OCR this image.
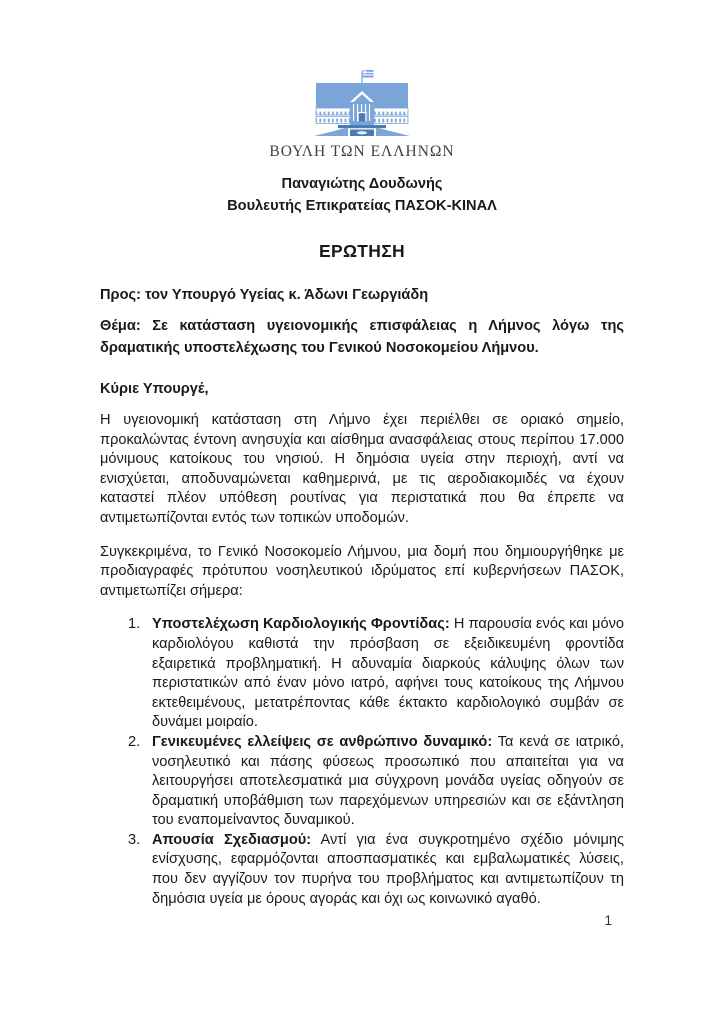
ΒΟΥΛΗ ΤΩΝ ΕΛΛΗΝΩΝ
Παναγιώτης Δουδωνής
Βουλευτής Επικρατείας ΠΑΣΟΚ-ΚΙΝΑΛ
ΕΡΩΤΗΣΗ

Προς: τον Υπουργό Υγείας κ. Άδωνι Γεωργιάδη

Θέμα: Σε κατάσταση υγειονομικής επισφάλειας η Λήμνος λόγω της δραματικής υποστελέχωσης του Γενικού Νοσοκομείου Λήμνου.

Κύριε Υπουργέ,

Η υγειονομική κατάσταση στη Λήμνο έχει περιέλθει σε οριακό σημείο, προκαλώντας έντονη ανησυχία και αίσθημα ανασφάλειας στους περίπου 17.000 μόνιμους κατοίκους του νησιού. Η δημόσια υγεία στην περιοχή, αντί να ενισχύεται, αποδυναμώνεται καθημερινά, με τις αεροδιακομιδές να έχουν καταστεί πλέον υπόθεση ρουτίνας για περιστατικά που θα έπρεπε να αντιμετωπίζονται εντός των τοπικών υποδομών.

Συγκεκριμένα, το Γενικό Νοσοκομείο Λήμνου, μια δομή που δημιουργήθηκε με προδιαγραφές πρότυπου νοσηλευτικού ιδρύματος επί κυβερνήσεων ΠΑΣΟΚ, αντιμετωπίζει σήμερα:

1. Υποστελέχωση Καρδιολογικής Φροντίδας: Η παρουσία ενός και μόνο καρδιολόγου καθιστά την πρόσβαση σε εξειδικευμένη φροντίδα εξαιρετικά προβληματική. Η αδυναμία διαρκούς κάλυψης όλων των περιστατικών από έναν μόνο ιατρό, αφήνει τους κατοίκους της Λήμνου εκτεθειμένους, μετατρέποντας κάθε έκτακτο καρδιολογικό συμβάν σε δυνάμει μοιραίο.
2. Γενικευμένες ελλείψεις σε ανθρώπινο δυναμικό: Τα κενά σε ιατρικό, νοσηλευτικό και πάσης φύσεως προσωπικό που απαιτείται για να λειτουργήσει αποτελεσματικά μια σύγχρονη μονάδα υγείας οδηγούν σε δραματική υποβάθμιση των παρεχόμενων υπηρεσιών και σε εξάντληση του εναπομείναντος δυναμικού.
3. Απουσία Σχεδιασμού: Αντί για ένα συγκροτημένο σχέδιο μόνιμης ενίσχυσης, εφαρμόζονται αποσπασματικές και εμβαλωματικές λύσεις, που δεν αγγίζουν τον πυρήνα του προβλήματος και αντιμετωπίζουν τη δημόσια υγεία με όρους αγοράς και όχι ως κοινωνικό αγαθό.
1
